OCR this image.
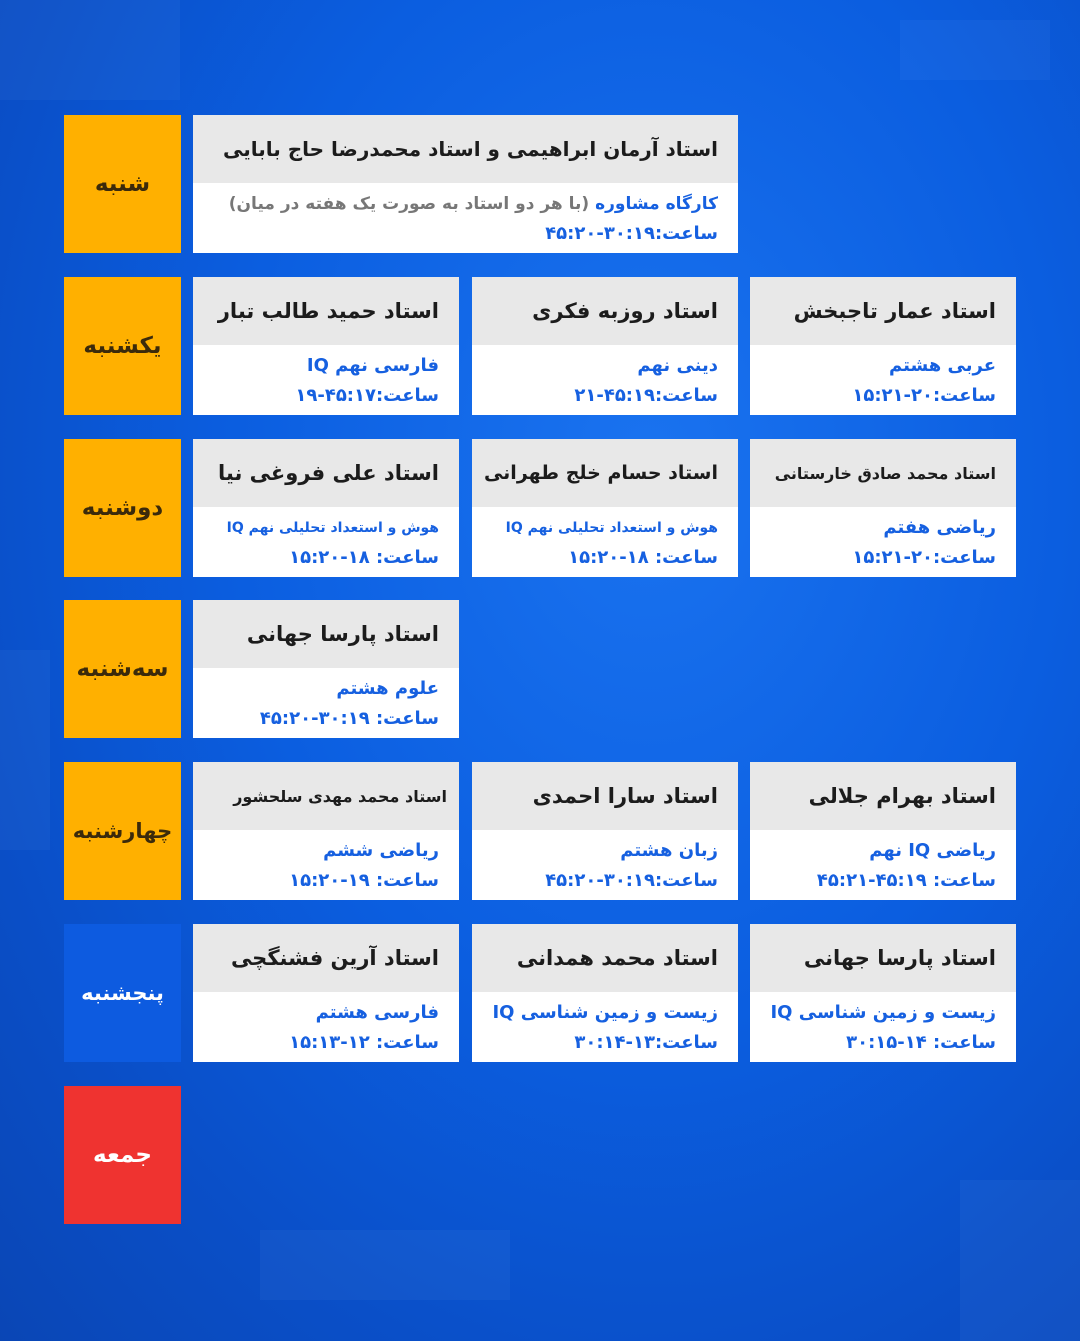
شنبه
استاد آرمان ابراهیمی و استاد محمدرضا حاج بابایی
کارگاه مشاوره (با هر دو استاد به صورت یک هفته در میان)
ساعت:۳۰:۱۹-۴۵:۲۰
یکشنبه
استاد عمار تاجبخش
عربی هشتم
ساعت:۲۰-۱۵:۲۱
استاد روزبه فکری
دینی نهم
ساعت:۴۵:۱۹-۲۱
استاد حمید طالب تبار
فارسی نهم IQ
ساعت:۴۵:۱۷-۱۹
دوشنبه
استاد محمد صادق خارستانی
ریاضی هفتم
ساعت:۲۰-۱۵:۲۱
استاد حسام خلج طهرانی
هوش و استعداد تحلیلی نهم IQ
ساعت: ۱۸-۱۵:۲۰
استاد علی فروغی نیا
هوش و استعداد تحلیلی نهم IQ
ساعت: ۱۸-۱۵:۲۰
سه‌شنبه
استاد پارسا جهانی
علوم هشتم
ساعت: ۳۰:۱۹-۴۵:۲۰
چهارشنبه
استاد بهرام جلالی
ریاضی IQ نهم
ساعت: ۴۵:۱۹-۴۵:۲۱
استاد سارا احمدی
زبان هشتم
ساعت:۳۰:۱۹-۴۵:۲۰
استاد محمد مهدی سلحشور
ریاضی ششم
ساعت: ۱۹-۱۵:۲۰
پنجشنبه
استاد پارسا جهانی
زیست و زمین شناسی IQ
ساعت: ۱۴-۳۰:۱۵
استاد محمد همدانی
زیست و زمین شناسی IQ
ساعت:۱۳-۳۰:۱۴
استاد آرین فشنگچی
فارسی هشتم
ساعت: ۱۲-۱۵:۱۳
جمعه
